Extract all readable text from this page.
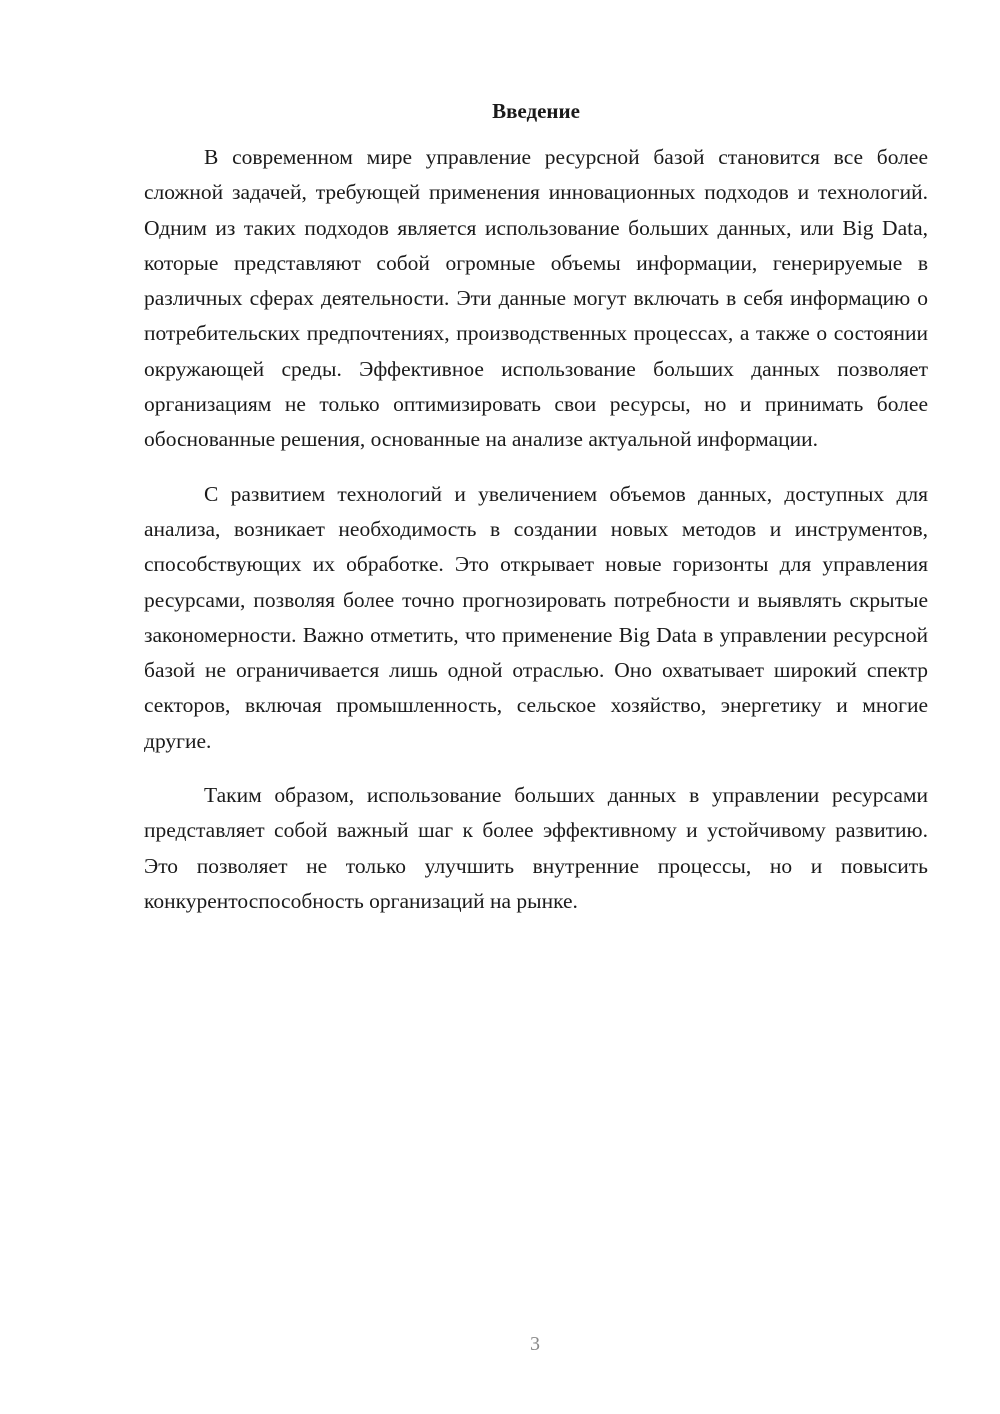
Введение

В современном мире управление ресурсной базой становится все более сложной задачей, требующей применения инновационных подходов и технологий. Одним из таких подходов является использование больших данных, или Big Data, которые представляют собой огромные объемы информации, генерируемые в различных сферах деятельности. Эти данные могут включать в себя информацию о потребительских предпочтениях, производственных процессах, а также о состоянии окружающей среды. Эффективное использование больших данных позволяет организациям не только оптимизировать свои ресурсы, но и принимать более обоснованные решения, основанные на анализе актуальной информации.

С развитием технологий и увеличением объемов данных, доступных для анализа, возникает необходимость в создании новых методов и инструментов, способствующих их обработке. Это открывает новые горизонты для управления ресурсами, позволяя более точно прогнозировать потребности и выявлять скрытые закономерности. Важно отметить, что применение Big Data в управлении ресурсной базой не ограничивается лишь одной отраслью. Оно охватывает широкий спектр секторов, включая промышленность, сельское хозяйство, энергетику и многие другие.

Таким образом, использование больших данных в управлении ресурсами представляет собой важный шаг к более эффективному и устойчивому развитию. Это позволяет не только улучшить внутренние процессы, но и повысить конкурентоспособность организаций на рынке.

3
